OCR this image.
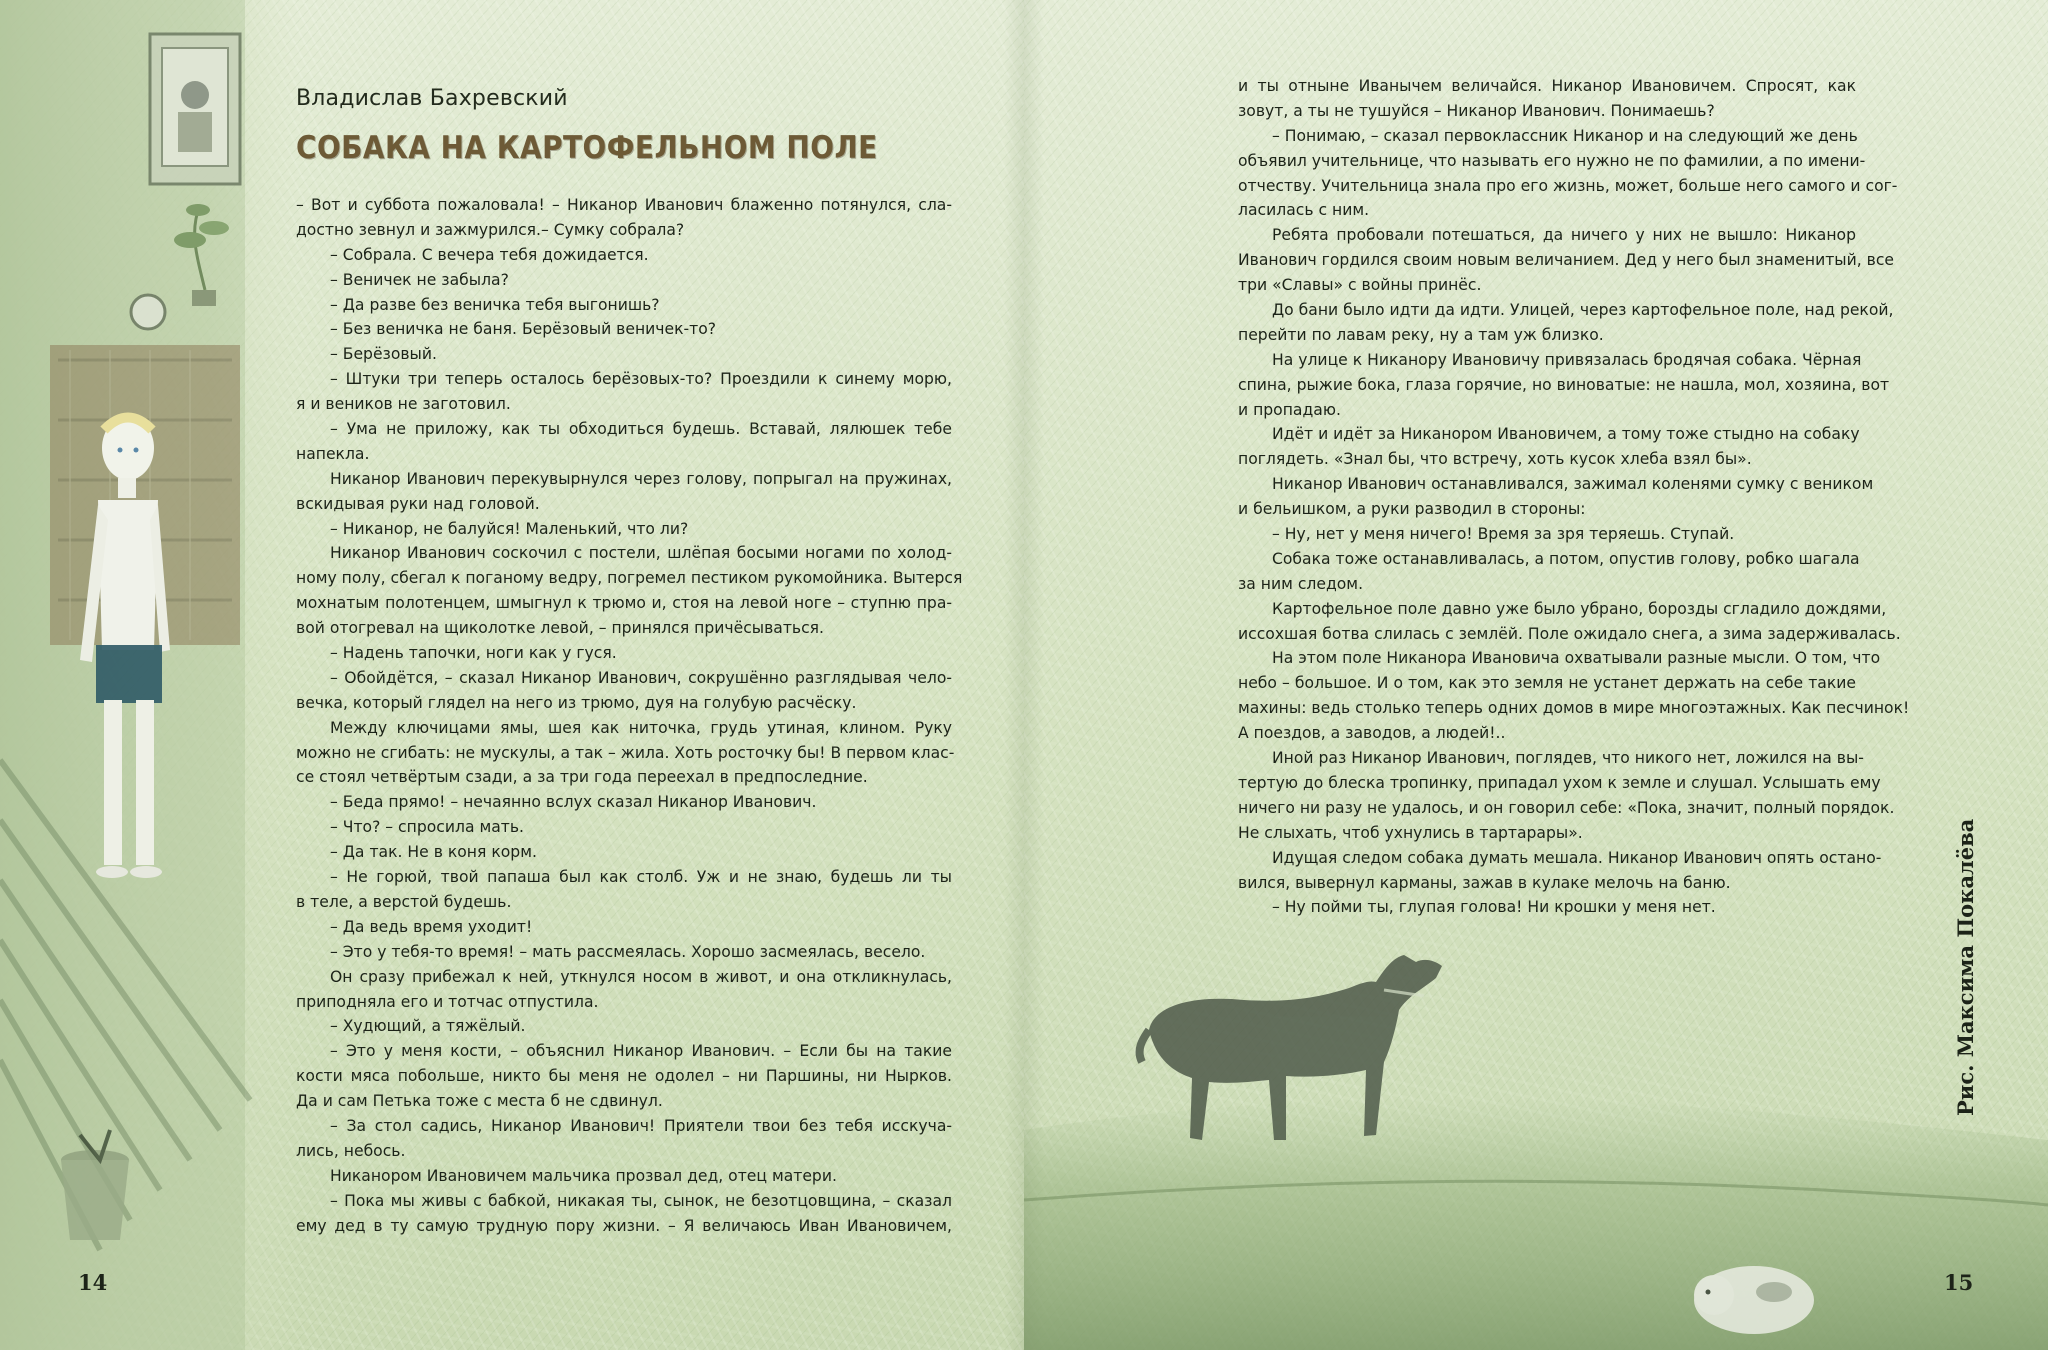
Владислав Бахревский

СОБАКА НА КАРТОФЕЛЬНОМ ПОЛЕ

– Вот и суббота пожаловала! – Никанор Иванович блаженно потянулся, сла-

достно зевнул и зажмурился.– Сумку собрала?

– Собрала. С вечера тебя дожидается.

– Веничек не забыла?

– Да разве без веничка тебя выгонишь?

– Без веничка не баня. Берёзовый веничек-то?

– Берёзовый.

– Штуки три теперь осталось берёзовых-то? Проездили к синему морю,

я и веников не заготовил.

– Ума не приложу, как ты обходиться будешь. Вставай, лялюшек тебе

напекла.

Никанор Иванович перекувырнулся через голову, попрыгал на пружинах,

вскидывая руки над головой.

– Никанор, не балуйся! Маленький, что ли?

Никанор Иванович соскочил с постели, шлёпая босыми ногами по холод-

ному полу, сбегал к поганому ведру, погремел пестиком рукомойника. Вытерся

мохнатым полотенцем, шмыгнул к трюмо и, стоя на левой ноге – ступню пра-

вой отогревал на щиколотке левой, – принялся причёсываться.

– Надень тапочки, ноги как у гуся.

– Обойдётся, – сказал Никанор Иванович, сокрушённо разглядывая чело-

вечка, который глядел на него из трюмо, дуя на голубую расчёску.

Между ключицами ямы, шея как ниточка, грудь утиная, клином. Руку

можно не сгибать: не мускулы, а так – жила. Хоть росточку бы! В первом клас-

се стоял четвёртым сзади, а за три года переехал в предпоследние.

– Беда прямо! – нечаянно вслух сказал Никанор Иванович.

– Что? – спросила мать.

– Да так. Не в коня корм.

– Не горюй, твой папаша был как столб. Уж и не знаю, будешь ли ты

в теле, а верстой будешь.

– Да ведь время уходит!

– Это у тебя-то время! – мать рассмеялась. Хорошо засмеялась, весело.

Он сразу прибежал к ней, уткнулся носом в живот, и она откликнулась,

приподняла его и тотчас отпустила.

– Худющий, а тяжёлый.

– Это у меня кости, – объяснил Никанор Иванович. – Если бы на такие

кости мяса побольше, никто бы меня не одолел – ни Паршины, ни Нырков.

Да и сам Петька тоже с места б не сдвинул.

– За стол садись, Никанор Иванович! Приятели твои без тебя исскуча-

лись, небось.

Никанором Ивановичем мальчика прозвал дед, отец матери.

– Пока мы живы с бабкой, никакая ты, сынок, не безотцовщина, – сказал

ему дед в ту самую трудную пору жизни. – Я величаюсь Иван Ивановичем,

14

и ты отныне Иванычем величайся. Никанор Ивановичем. Спросят, как

зовут, а ты не тушуйся – Никанор Иванович. Понимаешь?

– Понимаю, – сказал первоклассник Никанор и на следующий же день

объявил учительнице, что называть его нужно не по фамилии, а по имени-

отчеству. Учительница знала про его жизнь, может, больше него самого и сог-

ласилась с ним.

Ребята пробовали потешаться, да ничего у них не вышло: Никанор

Иванович гордился своим новым величанием. Дед у него был знаменитый, все

три «Славы» с войны принёс.

До бани было идти да идти. Улицей, через картофельное поле, над рекой,

перейти по лавам реку, ну а там уж близко.

На улице к Никанору Ивановичу привязалась бродячая собака. Чёрная

спина, рыжие бока, глаза горячие, но виноватые: не нашла, мол, хозяина, вот

и пропадаю.

Идёт и идёт за Никанором Ивановичем, а тому тоже стыдно на собаку

поглядеть. «Знал бы, что встречу, хоть кусок хлеба взял бы».

Никанор Иванович останавливался, зажимал коленями сумку с веником

и бельишком, а руки разводил в стороны:

– Ну, нет у меня ничего! Время за зря теряешь. Ступай.

Собака тоже останавливалась, а потом, опустив голову, робко шагала

за ним следом.

Картофельное поле давно уже было убрано, борозды сгладило дождями,

иссохшая ботва слилась с землёй. Поле ожидало снега, а зима задерживалась.

На этом поле Никанора Ивановича охватывали разные мысли. О том, что

небо – большое. И о том, как это земля не устанет держать на себе такие

махины: ведь столько теперь одних домов в мире многоэтажных. Как песчинок!

А поездов, а заводов, а людей!..

Иной раз Никанор Иванович, поглядев, что никого нет, ложился на вы-

тертую до блеска тропинку, припадал ухом к земле и слушал. Услышать ему

ничего ни разу не удалось, и он говорил себе: «Пока, значит, полный порядок.

Не слыхать, чтоб ухнулись в тартарары».

Идущая следом собака думать мешала. Никанор Иванович опять остано-

вился, вывернул карманы, зажав в кулаке мелочь на баню.

– Ну пойми ты, глупая голова! Ни крошки у меня нет.

15

Рис. Максима Покалёва
